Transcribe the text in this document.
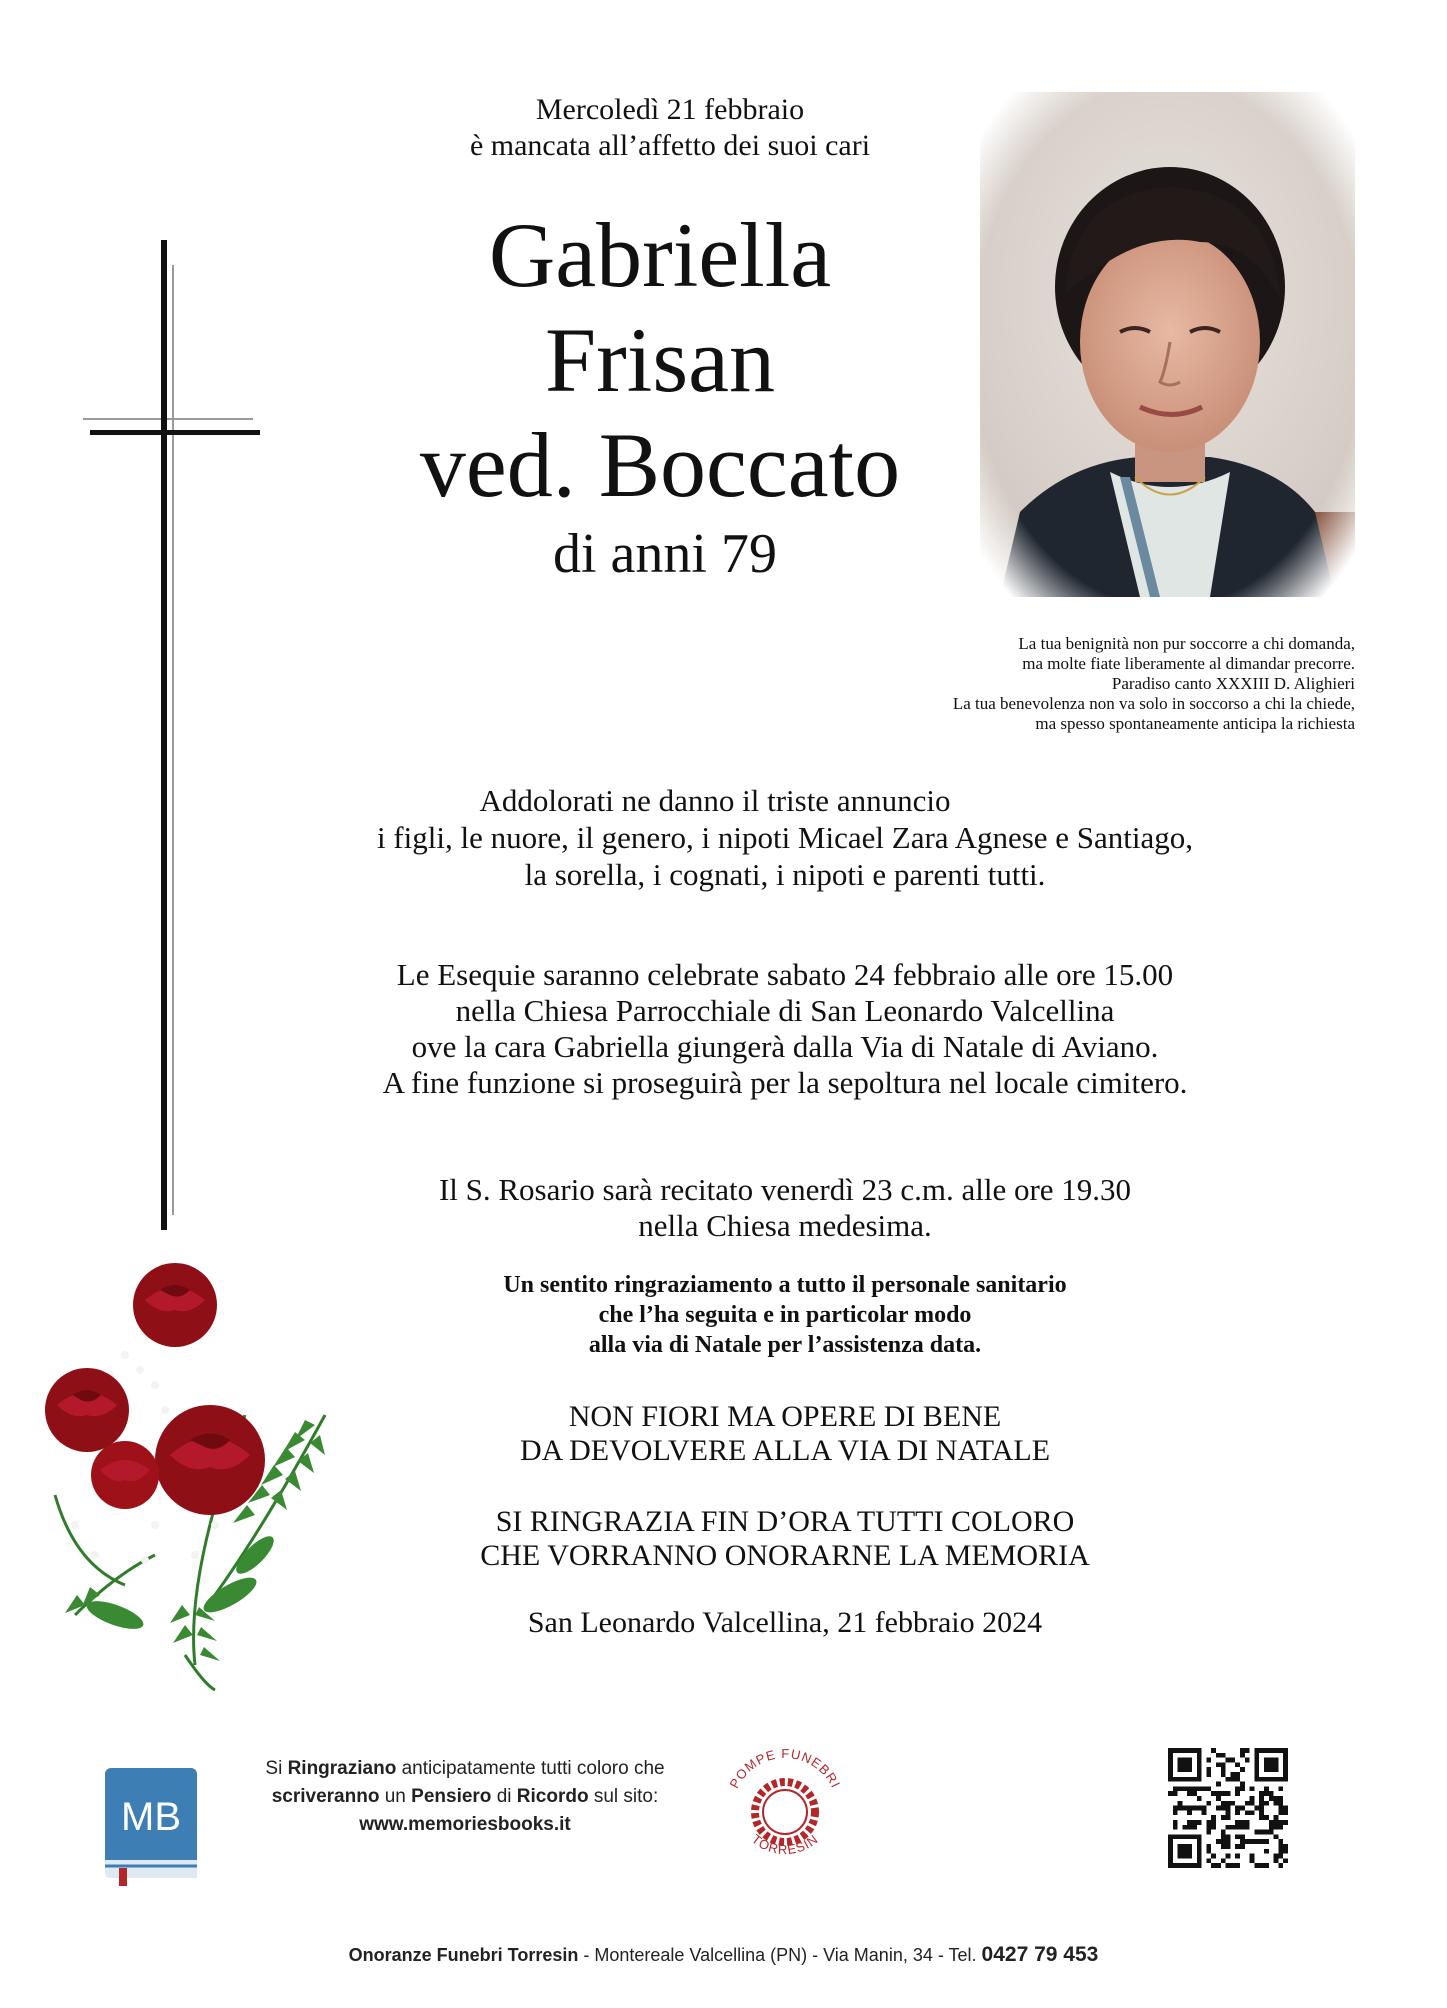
Mercoledì 21 febbraio
è mancata all’affetto dei suoi cari
Gabriella
Frisan
ved. Boccato
di anni 79
La tua benignità non pur soccorre a chi domanda,
ma molte fiate liberamente al dimandar precorre.
Paradiso canto XXXIII D. Alighieri
La tua benevolenza non va solo in soccorso a chi la chiede,
ma spesso spontaneamente anticipa la richiesta
Addolorati ne danno il triste annuncio
i figli, le nuore, il genero, i nipoti Micael Zara Agnese e Santiago,
la sorella, i cognati, i nipoti e parenti tutti.
Le Esequie saranno celebrate sabato 24 febbraio alle ore 15.00
nella Chiesa Parrocchiale di San Leonardo Valcellina
ove la cara Gabriella giungerà dalla Via di Natale di Aviano.
A fine funzione si proseguirà per la sepoltura nel locale cimitero.
Il S. Rosario sarà recitato venerdì 23 c.m. alle ore 19.30
nella Chiesa medesima.
Un sentito ringraziamento a tutto il personale sanitario
che l’ha seguita e in particolar modo
alla via di Natale per l’assistenza data.
NON FIORI MA OPERE DI BENE
DA DEVOLVERE ALLA VIA DI NATALE
SI RINGRAZIA FIN D’ORA TUTTI COLORO
CHE VORRANNO ONORARNE LA MEMORIA
San Leonardo Valcellina, 21 febbraio 2024
MB
Si Ringraziano anticipatamente tutti coloro che
scriveranno un Pensiero di Ricordo sul sito:
www.memoriesbooks.it
POMPE FUNEBRI
TORRESIN
Onoranze Funebri Torresin - Montereale Valcellina (PN) - Via Manin, 34 - Tel. 0427 79 453
